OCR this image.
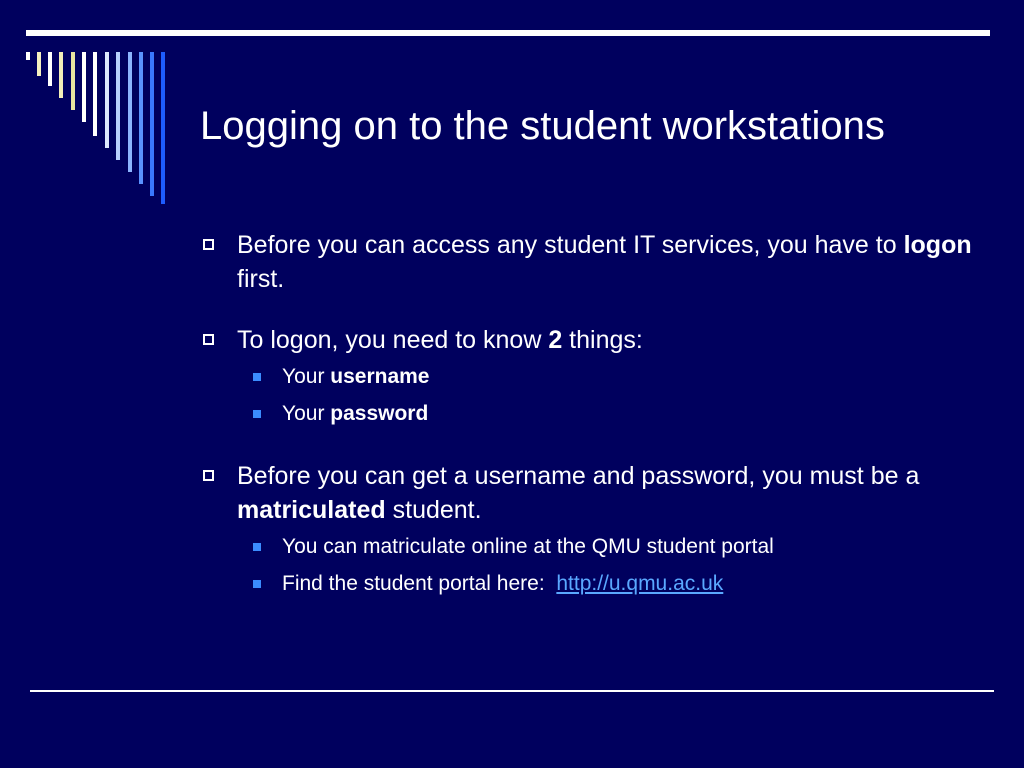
Logging on to the student workstations
Before you can access any student IT services, you have to logon first.
To logon, you need to know 2 things:
Your username
Your password
Before you can get a username and password, you must be a matriculated student.
You can matriculate online at the QMU student portal
Find the student portal here:  http://u.qmu.ac.uk
